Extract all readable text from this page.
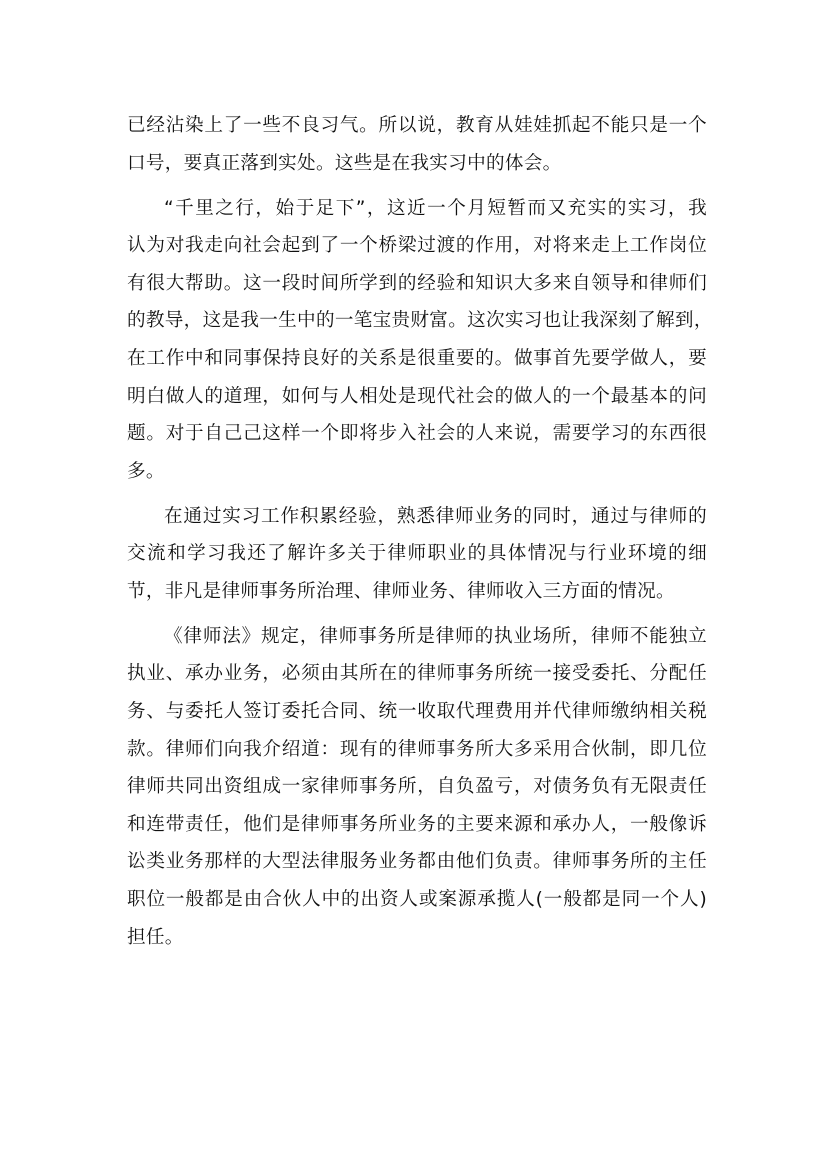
已经沾染上了一些不良习气。所以说，教育从娃娃抓起不能只是一个
口号，要真正落到实处。这些是在我实习中的体会。
“千里之行，始于足下”，这近一个月短暂而又充实的实习，我
认为对我走向社会起到了一个桥梁过渡的作用，对将来走上工作岗位
有很大帮助。这一段时间所学到的经验和知识大多来自领导和律师们
的教导，这是我一生中的一笔宝贵财富。这次实习也让我深刻了解到，
在工作中和同事保持良好的关系是很重要的。做事首先要学做人，要
明白做人的道理，如何与人相处是现代社会的做人的一个最基本的问
题。对于自己己这样一个即将步入社会的人来说，需要学习的东西很
多。
在通过实习工作积累经验，熟悉律师业务的同时，通过与律师的
交流和学习我还了解许多关于律师职业的具体情况与行业环境的细
节，非凡是律师事务所治理、律师业务、律师收入三方面的情况。
《律师法》规定，律师事务所是律师的执业场所，律师不能独立
执业、承办业务，必须由其所在的律师事务所统一接受委托、分配任
务、与委托人签订委托合同、统一收取代理费用并代律师缴纳相关税
款。律师们向我介绍道：现有的律师事务所大多采用合伙制，即几位
律师共同出资组成一家律师事务所，自负盈亏，对债务负有无限责任
和连带责任，他们是律师事务所业务的主要来源和承办人，一般像诉
讼类业务那样的大型法律服务业务都由他们负责。律师事务所的主任
职位一般都是由合伙人中的出资人或案源承揽人(一般都是同一个人)
担任。
